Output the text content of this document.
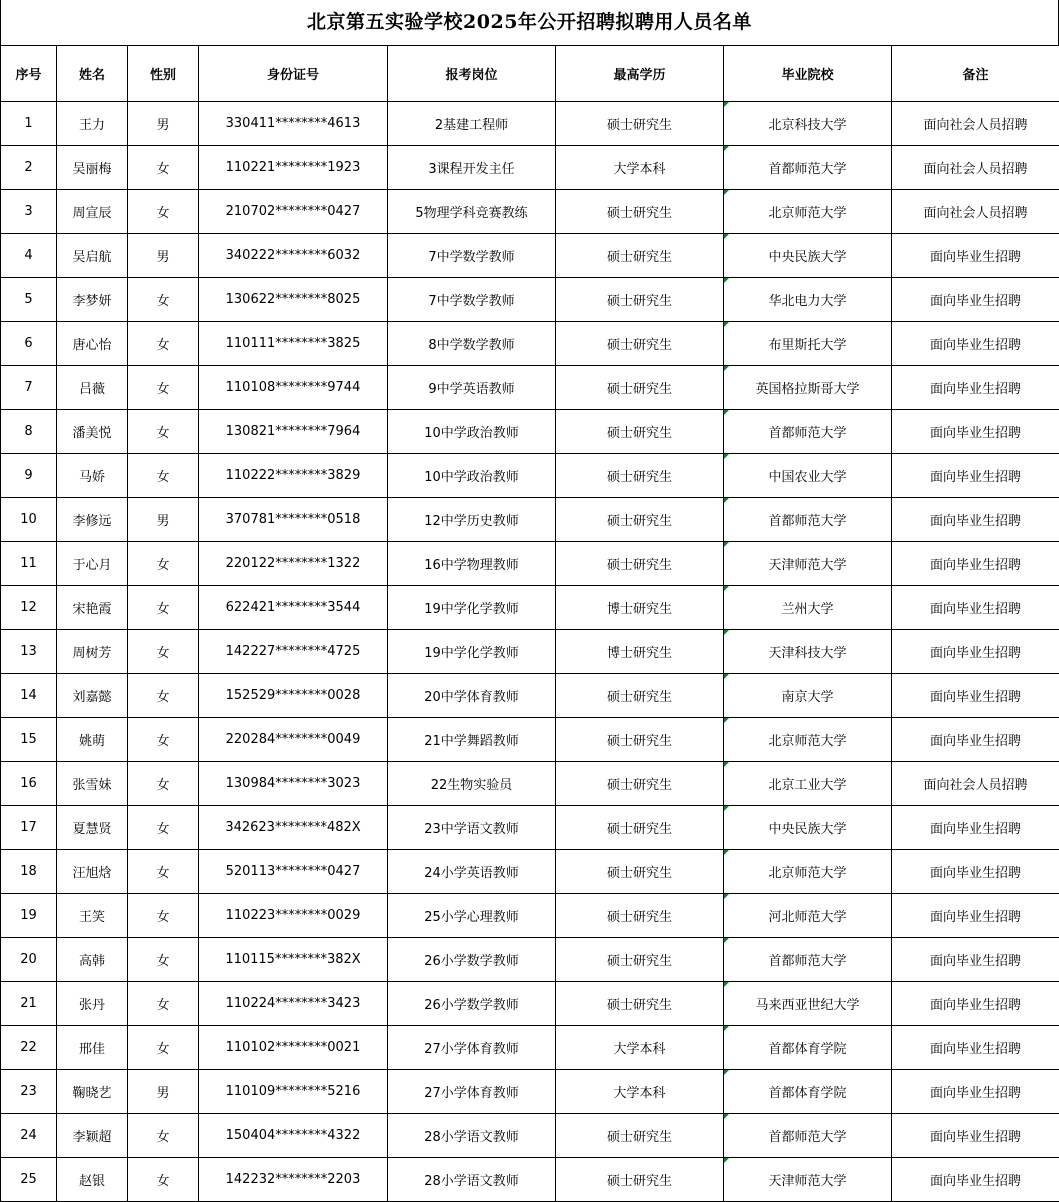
北京第五实验学校2025年公开招聘拟聘用人员名单
序号	姓名	性别	身份证号	报考岗位	最高学历	毕业院校	备注
1	王力	男	330411********4613	2基建工程师	硕士研究生	北京科技大学	面向社会人员招聘
2	吴丽梅	女	110221********1923	3课程开发主任	大学本科	首都师范大学	面向社会人员招聘
3	周宣辰	女	210702********0427	5物理学科竞赛教练	硕士研究生	北京师范大学	面向社会人员招聘
4	吴启航	男	340222********6032	7中学数学教师	硕士研究生	中央民族大学	面向毕业生招聘
5	李梦妍	女	130622********8025	7中学数学教师	硕士研究生	华北电力大学	面向毕业生招聘
6	唐心怡	女	110111********3825	8中学数学教师	硕士研究生	布里斯托大学	面向毕业生招聘
7	吕薇	女	110108********9744	9中学英语教师	硕士研究生	英国格拉斯哥大学	面向毕业生招聘
8	潘美悦	女	130821********7964	10中学政治教师	硕士研究生	首都师范大学	面向毕业生招聘
9	马娇	女	110222********3829	10中学政治教师	硕士研究生	中国农业大学	面向毕业生招聘
10	李修远	男	370781********0518	12中学历史教师	硕士研究生	首都师范大学	面向毕业生招聘
11	于心月	女	220122********1322	16中学物理教师	硕士研究生	天津师范大学	面向毕业生招聘
12	宋艳霞	女	622421********3544	19中学化学教师	博士研究生	兰州大学	面向毕业生招聘
13	周树芳	女	142227********4725	19中学化学教师	博士研究生	天津科技大学	面向毕业生招聘
14	刘嘉懿	女	152529********0028	20中学体育教师	硕士研究生	南京大学	面向毕业生招聘
15	姚萌	女	220284********0049	21中学舞蹈教师	硕士研究生	北京师范大学	面向毕业生招聘
16	张雪妹	女	130984********3023	22生物实验员	硕士研究生	北京工业大学	面向社会人员招聘
17	夏慧贤	女	342623********482X	23中学语文教师	硕士研究生	中央民族大学	面向毕业生招聘
18	汪旭焓	女	520113********0427	24小学英语教师	硕士研究生	北京师范大学	面向毕业生招聘
19	王笑	女	110223********0029	25小学心理教师	硕士研究生	河北师范大学	面向毕业生招聘
20	高韩	女	110115********382X	26小学数学教师	硕士研究生	首都师范大学	面向毕业生招聘
21	张丹	女	110224********3423	26小学数学教师	硕士研究生	马来西亚世纪大学	面向毕业生招聘
22	邢佳	女	110102********0021	27小学体育教师	大学本科	首都体育学院	面向毕业生招聘
23	鞠晓艺	男	110109********5216	27小学体育教师	大学本科	首都体育学院	面向毕业生招聘
24	李颖超	女	150404********4322	28小学语文教师	硕士研究生	首都师范大学	面向毕业生招聘
25	赵银	女	142232********2203	28小学语文教师	硕士研究生	天津师范大学	面向毕业生招聘
